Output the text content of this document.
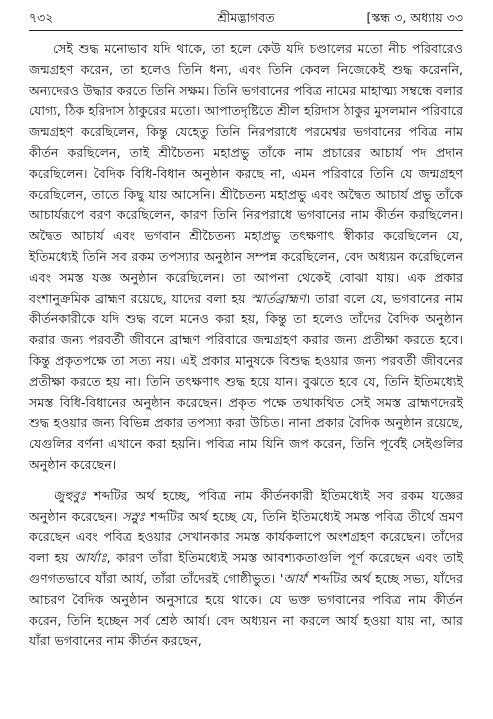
৭৩২	শ্রীমদ্ভাগবত	[স্কন্ধ ৩, অধ্যায় ৩৩

সেই শুদ্ধ মনোভাব যদি থাকে, তা হলে কেউ যদি চণ্ডালের মতো নীচ পরিবারেও জন্মগ্রহণ করেন, তা হলেও তিনি ধন্য, এবং তিনি কেবল নিজেকেই শুদ্ধ করেননি, অন্যদেরও উদ্ধার করতে তিনি সক্ষম। তিনি ভগবানের পবিত্র নামের মাহাত্ম্য সম্বন্ধে বলার যোগ্য, ঠিক হরিদাস ঠাকুরের মতো। আপাতদৃষ্টিতে শ্রীল হরিদাস ঠাকুর মুসলমান পরিবারে জন্মগ্রহণ করেছিলেন, কিন্তু যেহেতু তিনি নিরপরাধে পরমেশ্বর ভগবানের পবিত্র নাম কীর্তন করছিলেন, তাই শ্রীচৈতন্য মহাপ্রভু তাঁকে নাম প্রচারের আচার্য পদ প্রদান করেছিলেন। বৈদিক বিধি-বিধান অনুষ্ঠান করছে না, এমন পরিবারে তিনি যে জন্মগ্রহণ করেছিলেন, তাতে কিছু যায় আসেনি। শ্রীচৈতন্য মহাপ্রভু এবং অদ্বৈত আচার্য প্রভু তাঁকে আচার্যরূপে বরণ করেছিলেন, কারণ তিনি নিরপরাধে ভগবানের নাম কীর্তন করছিলেন। অদ্বৈত আচার্য এবং ভগবান শ্রীচৈতন্য মহাপ্রভু তৎক্ষণাৎ স্বীকার করেছিলেন যে, ইতিমধ্যেই তিনি সব রকম তপস্যার অনুষ্ঠান সম্পন্ন করেছিলেন, বেদ অধ্যয়ন করেছিলেন এবং সমস্ত যজ্ঞ অনুষ্ঠান করেছিলেন। তা আপনা থেকেই বোঝা যায়। এক প্রকার বংশানুক্রমিক ব্রাহ্মণ রয়েছে, যাদের বলা হয় স্মার্তব্রাহ্মণ। তারা বলে যে, ভগবানের নাম কীর্তনকারীকে যদি শুদ্ধ বলে মনেও করা হয়, কিন্তু তা হলেও তাঁদের বৈদিক অনুষ্ঠান করার জন্য পরবর্তী জীবনে ব্রাহ্মণ পরিবারে জন্মগ্রহণ করার জন্য প্রতীক্ষা করতে হবে। কিন্তু প্রকৃতপক্ষে তা সত্য নয়। এই প্রকার মানুষকে বিশুদ্ধ হওয়ার জন্য পরবর্তী জীবনের প্রতীক্ষা করতে হয় না। তিনি তৎক্ষণাৎ শুদ্ধ হয়ে যান। বুঝতে হবে যে, তিনি ইতিমধ্যেই সমস্ত বিধি-বিধানের অনুষ্ঠান করেছেন। প্রকৃত পক্ষে তথাকথিত সেই সমস্ত ব্রাহ্মণদেরই শুদ্ধ হওয়ার জন্য বিভিন্ন প্রকার তপস্যা করা উচিত। নানা প্রকার বৈদিক অনুষ্ঠান রয়েছে, যেগুলির বর্ণনা এখানে করা হয়নি। পবিত্র নাম যিনি জপ করেন, তিনি পূর্বেই সেইগুলির অনুষ্ঠান করেছেন।

জুহুবুঃ শব্দটির অর্থ হচ্ছে, পবিত্র নাম কীর্তনকারী ইতিমধ্যেই সব রকম যজ্ঞের অনুষ্ঠান করেছেন। সস্নুঃ শব্দটির অর্থ হচ্ছে যে, তিনি ইতিমধ্যেই সমস্ত পবিত্র তীর্থে ভ্রমণ করেছেন এবং পবিত্র হওয়ার সেখানকার সমস্ত কার্যকলাপে অংশগ্রহণ করেছেন। তাঁদের বলা হয় আর্যাঃ, কারণ তাঁরা ইতিমধ্যেই সমস্ত আবশ্যকতাগুলি পূর্ণ করেছেন এবং তাই গুণগতভাবে যাঁরা আর্য, তাঁরা তাঁদেরই গোষ্ঠীভুত। 'আর্য' শব্দটির অর্থ হচ্ছে সভ্য, যাঁদের আচরণ বৈদিক অনুষ্ঠান অনুসারে হয়ে থাকে। যে ভক্ত ভগবানের পবিত্র নাম কীর্তন করেন, তিনি হচ্ছেন সর্ব শ্রেষ্ঠ আর্য। বেদ অধ্যয়ন না করলে আর্য হওয়া যায় না, আর যাঁরা ভগবানের নাম কীর্তন করছেন,
